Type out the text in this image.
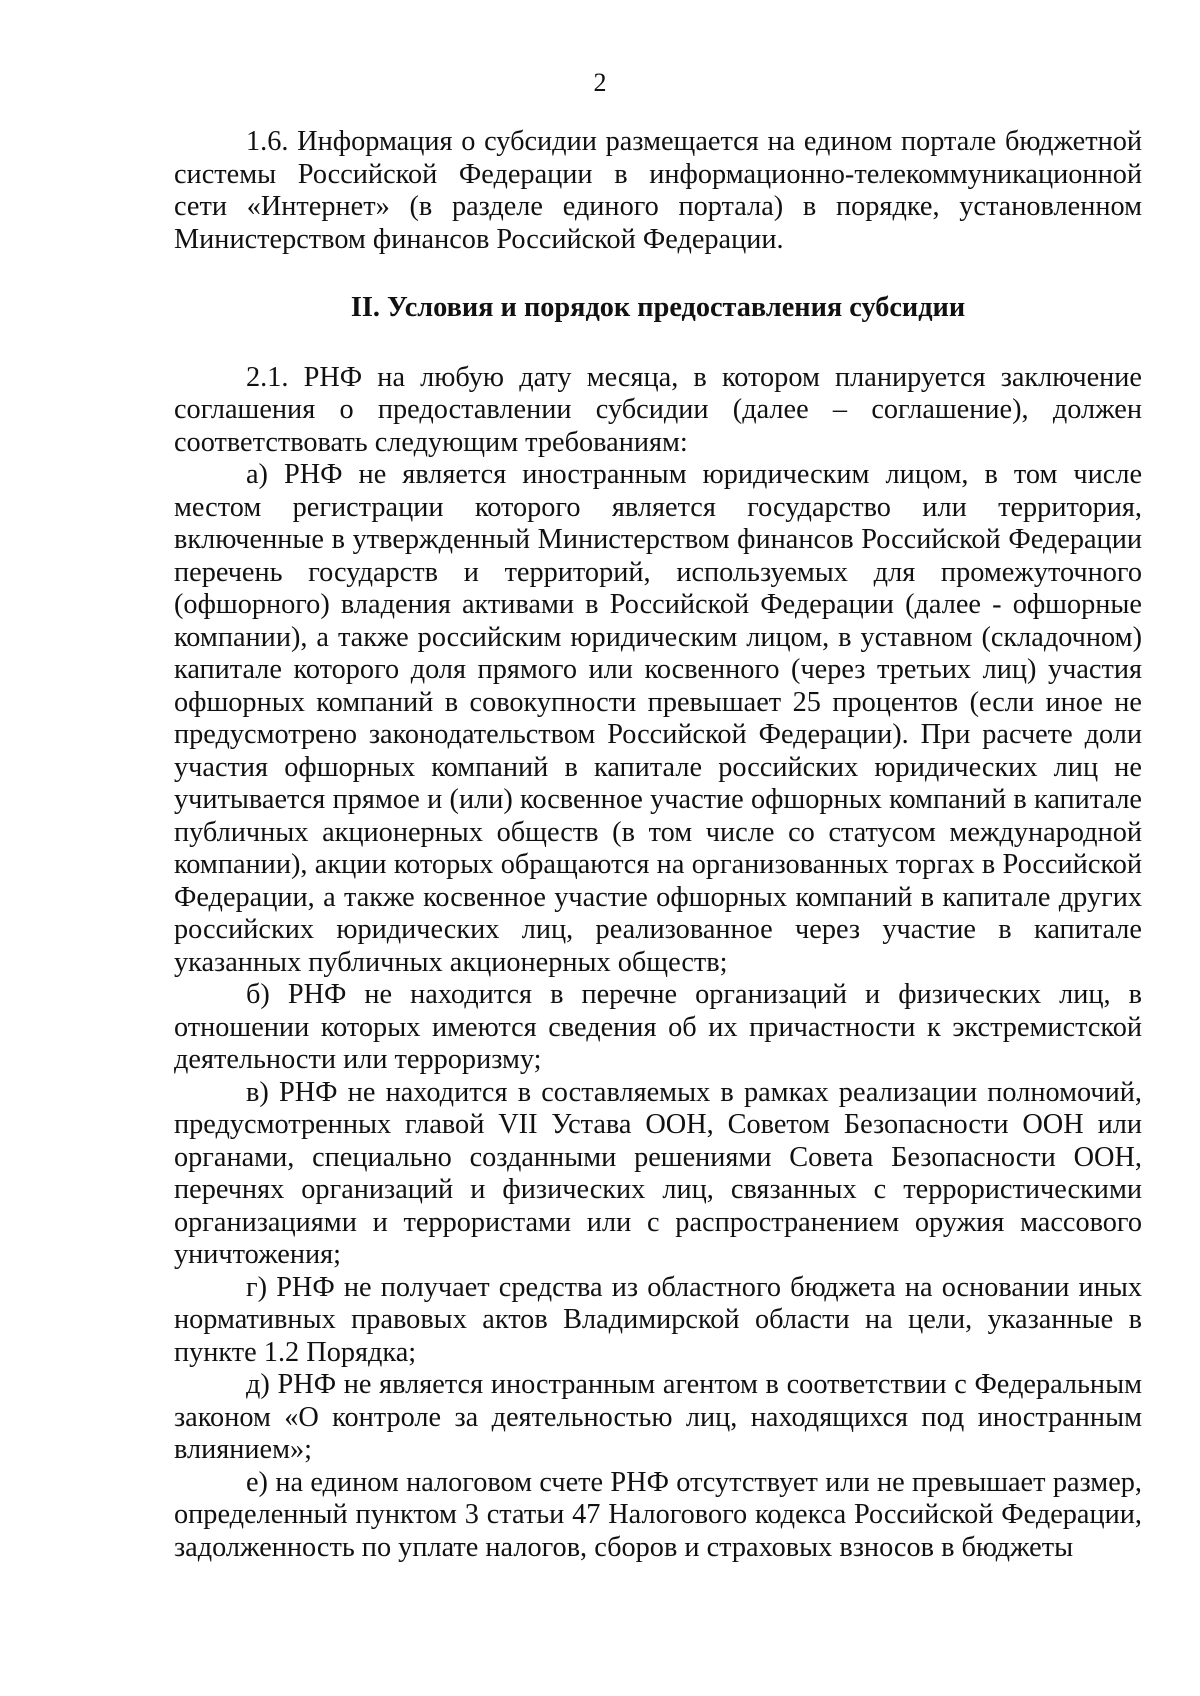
2

1.6. Информация о субсидии размещается на едином портале бюджетной системы Российской Федерации в информационно-телекоммуникационной сети «Интернет» (в разделе единого портала) в порядке, установленном Министерством финансов Российской Федерации.

II. Условия и порядок предоставления субсидии

2.1. РНФ на любую дату месяца, в котором планируется заключение соглашения о предоставлении субсидии (далее – соглашение), должен соответствовать следующим требованиям:

а) РНФ не является иностранным юридическим лицом, в том числе местом регистрации которого является государство или территория, включенные в утвержденный Министерством финансов Российской Федерации перечень государств и территорий, используемых для промежуточного (офшорного) владения активами в Российской Федерации (далее - офшорные компании), а также российским юридическим лицом, в уставном (складочном) капитале которого доля прямого или косвенного (через третьих лиц) участия офшорных компаний в совокупности превышает 25 процентов (если иное не предусмотрено законодательством Российской Федерации). При расчете доли участия офшорных компаний в капитале российских юридических лиц не учитывается прямое и (или) косвенное участие офшорных компаний в капитале публичных акционерных обществ (в том числе со статусом международной компании), акции которых обращаются на организованных торгах в Российской Федерации, а также косвенное участие офшорных компаний в капитале других российских юридических лиц, реализованное через участие в капитале указанных публичных акционерных обществ;

б) РНФ не находится в перечне организаций и физических лиц, в отношении которых имеются сведения об их причастности к экстремистской деятельности или терроризму;

в) РНФ не находится в составляемых в рамках реализации полномочий, предусмотренных главой VII Устава ООН, Советом Безопасности ООН или органами, специально созданными решениями Совета Безопасности ООН, перечнях организаций и физических лиц, связанных с террористическими организациями и террористами или с распространением оружия массового уничтожения;

г) РНФ не получает средства из областного бюджета на основании иных нормативных правовых актов Владимирской области на цели, указанные в пункте 1.2 Порядка;

д) РНФ не является иностранным агентом в соответствии с Федеральным законом «О контроле за деятельностью лиц, находящихся под иностранным влиянием»;

е) на едином налоговом счете РНФ отсутствует или не превышает размер, определенный пунктом 3 статьи 47 Налогового кодекса Российской Федерации, задолженность по уплате налогов, сборов и страховых взносов в бюджеты
